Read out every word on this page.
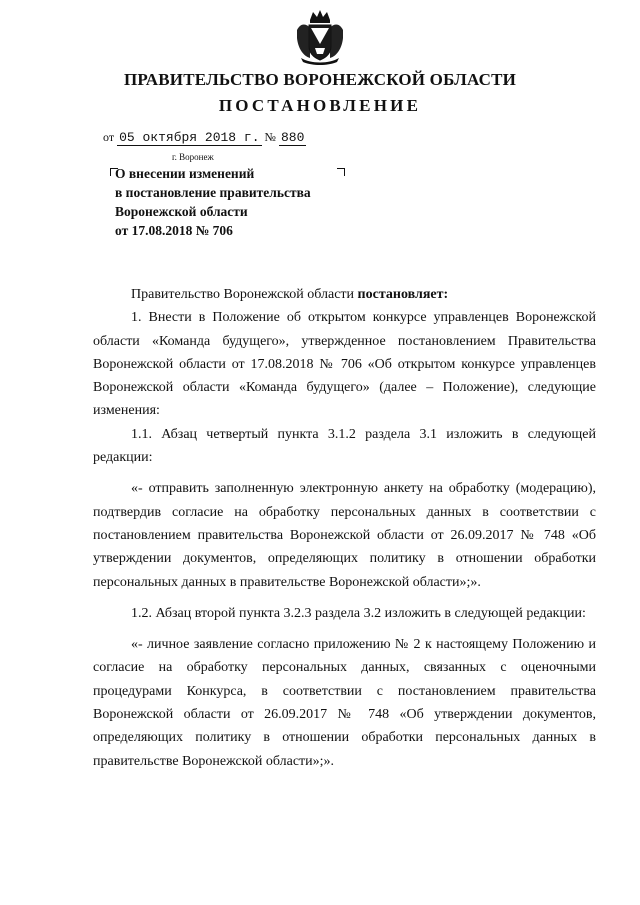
ПРАВИТЕЛЬСТВО ВОРОНЕЖСКОЙ ОБЛАСТИ
ПОСТАНОВЛЕНИЕ
от 05 октября 2018 г. № 880
г. Воронеж
О внесении изменений
в постановление правительства
Воронежской области
от 17.08.2018 № 706

Правительство Воронежской области постановляет:

1. Внести в Положение об открытом конкурсе управленцев Воронежской области «Команда будущего», утвержденное постановлением Правительства Воронежской области от 17.08.2018 № 706 «Об открытом конкурсе управленцев Воронежской области «Команда будущего» (далее – Положение), следующие изменения:

1.1. Абзац четвертый пункта 3.1.2 раздела 3.1 изложить в следующей редакции:

«- отправить заполненную электронную анкету на обработку (модерацию), подтвердив согласие на обработку персональных данных в соответствии с постановлением правительства Воронежской области от 26.09.2017 № 748 «Об утверждении документов, определяющих политику в отношении обработки персональных данных в правительстве Воронежской области»;».

1.2. Абзац второй пункта 3.2.3 раздела 3.2 изложить в следующей редакции:

«- личное заявление согласно приложению № 2 к настоящему Положению и согласие на обработку персональных данных, связанных с оценочными процедурами Конкурса, в соответствии с постановлением правительства Воронежской области от 26.09.2017 № 748 «Об утверждении документов, определяющих политику в отношении обработки персональных данных в правительстве Воронежской области»;».
